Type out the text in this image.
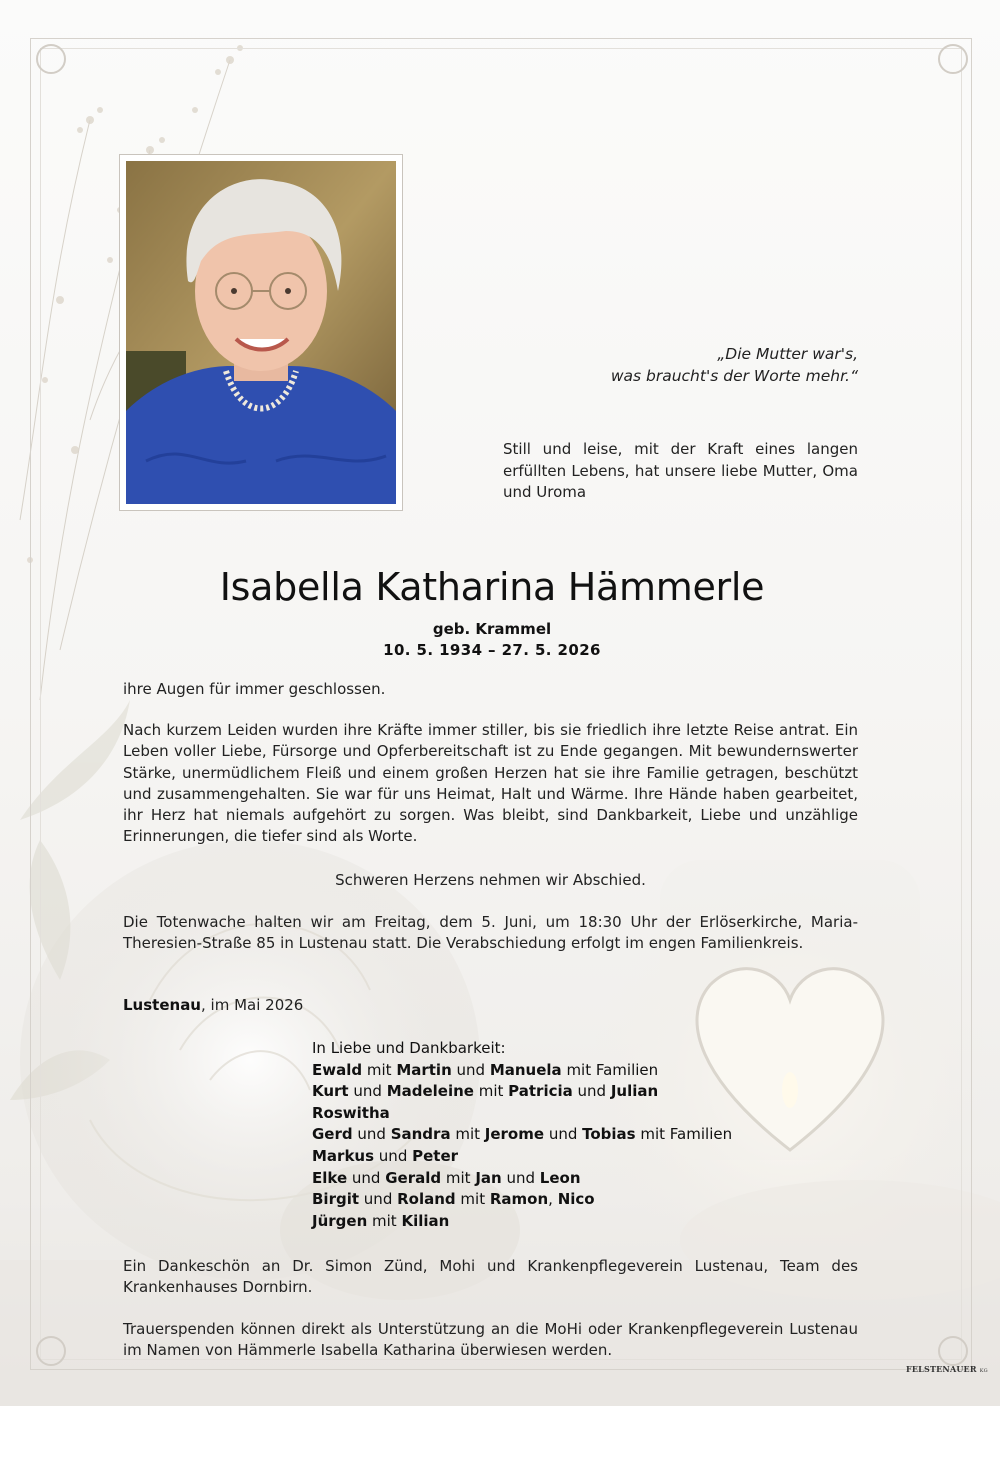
„Die Mutter war's,
was braucht's der Worte mehr.“
Still und leise, mit der Kraft eines langen erfüllten Lebens, hat unsere liebe Mutter, Oma und Uroma
Isabella Katharina Hämmerle
geb. Krammel
10. 5. 1934 – 27. 5. 2026
ihre Augen für immer geschlossen.
Nach kurzem Leiden wurden ihre Kräfte immer stiller, bis sie friedlich ihre letzte Reise antrat. Ein Leben voller Liebe, Fürsorge und Opferbereitschaft ist zu Ende gegangen. Mit bewundernswerter Stärke, unermüdlichem Fleiß und einem großen Herzen hat sie ihre Familie getragen, beschützt und zusammengehalten. Sie war für uns Heimat, Halt und Wärme. Ihre Hände haben gearbeitet, ihr Herz hat niemals aufgehört zu sorgen. Was bleibt, sind Dankbarkeit, Liebe und unzählige Erinnerungen, die tiefer sind als Worte.
Schweren Herzens nehmen wir Abschied.
Die Totenwache halten wir am Freitag, dem 5. Juni, um 18:30 Uhr der Erlöserkirche, Maria-Theresien-Straße 85 in Lustenau statt. Die Verabschiedung erfolgt im engen Familienkreis.
Lustenau, im Mai 2026
In Liebe und Dankbarkeit:
Ewald mit Martin und Manuela mit Familien
Kurt und Madeleine mit Patricia und Julian
Roswitha
Gerd und Sandra mit Jerome und Tobias mit Familien
Markus und Peter
Elke und Gerald mit Jan und Leon
Birgit und Roland mit Ramon, Nico
Jürgen mit Kilian
Ein Dankeschön an Dr. Simon Zünd, Mohi und Krankenpflegeverein Lustenau, Team des Krankenhauses Dornbirn.
Trauerspenden können direkt als Unterstützung an die MoHi oder Krankenpflegeverein Lustenau im Namen von Hämmerle Isabella Katharina überwiesen werden.
FELSTENAUER KG
